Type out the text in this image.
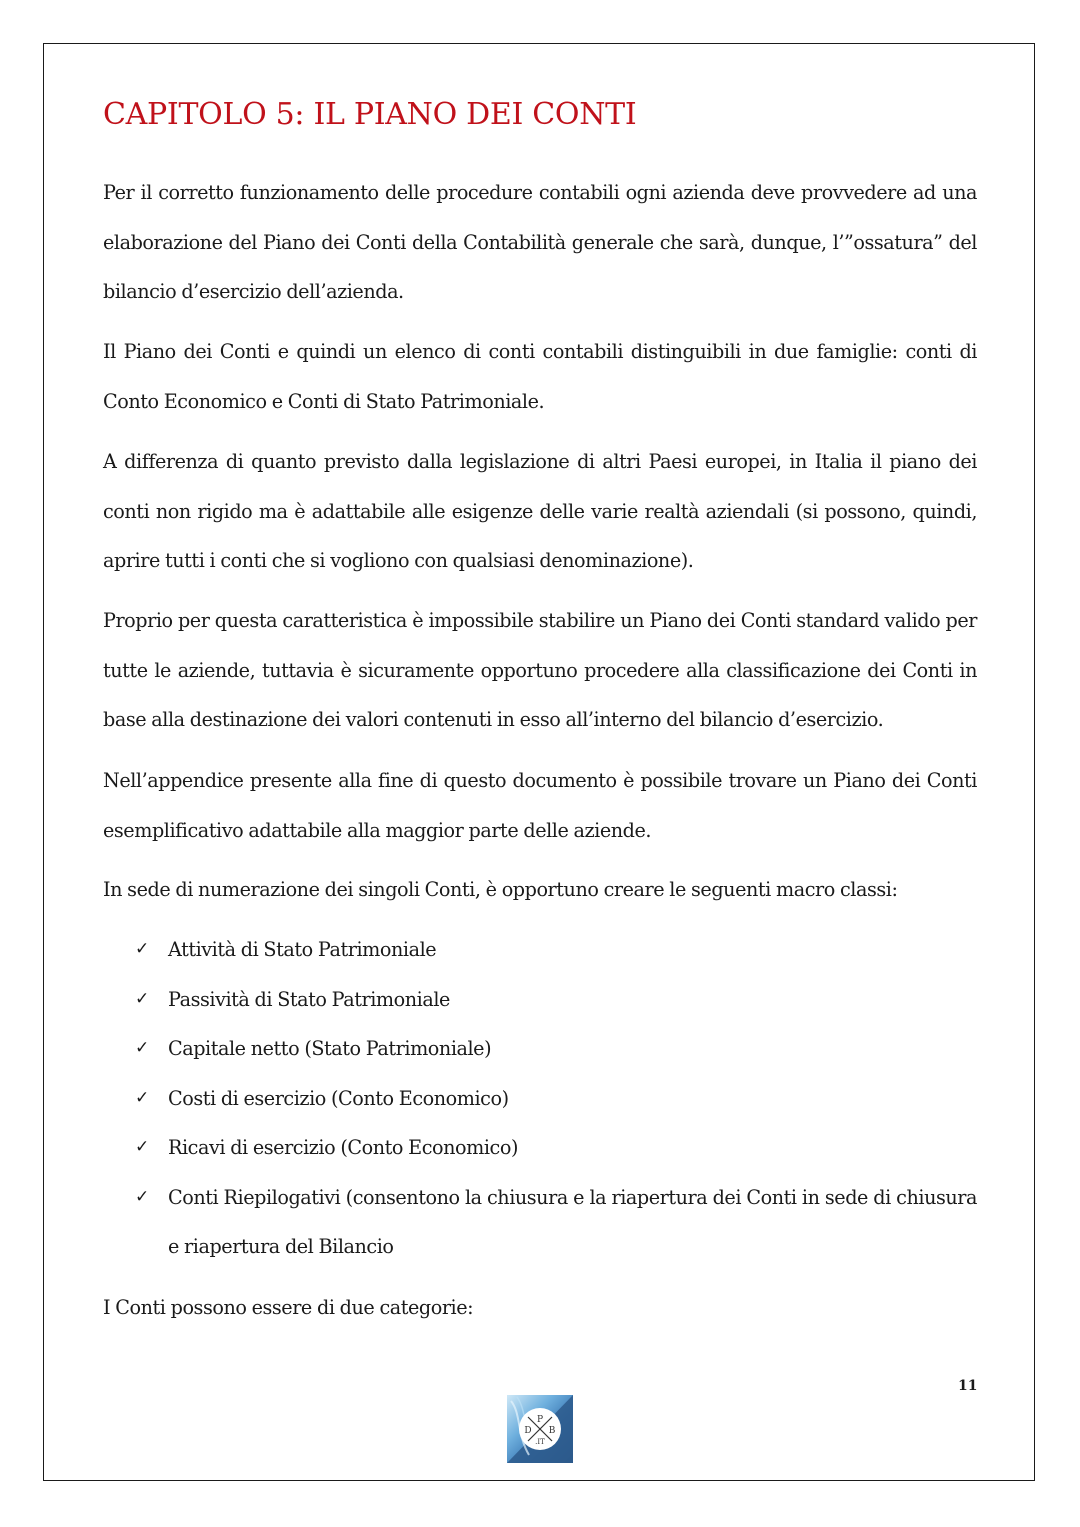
CAPITOLO 5: IL PIANO DEI CONTI

Per il corretto funzionamento delle procedure contabili ogni azienda deve provvedere ad una elaborazione del Piano dei Conti della Contabilità generale che sarà, dunque, l’”ossatura” del bilancio d’esercizio dell’azienda.

Il Piano dei Conti e quindi un elenco di conti contabili distinguibili in due famiglie: conti di Conto Economico e Conti di Stato Patrimoniale.

A differenza di quanto previsto dalla legislazione di altri Paesi europei, in Italia il piano dei conti non rigido ma è adattabile alle esigenze delle varie realtà aziendali (si possono, quindi, aprire tutti i conti che si vogliono con qualsiasi denominazione).

Proprio per questa caratteristica è impossibile stabilire un Piano dei Conti standard valido per tutte le aziende, tuttavia è sicuramente opportuno procedere alla classificazione dei Conti in base alla destinazione dei valori contenuti in esso all’interno del bilancio d’esercizio.

Nell’appendice presente alla fine di questo documento è possibile trovare un Piano dei Conti esemplificativo adattabile alla maggior parte delle aziende.

In sede di numerazione dei singoli Conti, è opportuno creare le seguenti macro classi:

✓ Attività di Stato Patrimoniale
✓ Passività di Stato Patrimoniale
✓ Capitale netto (Stato Patrimoniale)
✓ Costi di esercizio (Conto Economico)
✓ Ricavi di esercizio (Conto Economico)
✓ Conti Riepilogativi (consentono la chiusura e la riapertura dei Conti in sede di chiusura e riapertura del Bilancio

I Conti possono essere di due categorie:

11
P
D B
.IT
